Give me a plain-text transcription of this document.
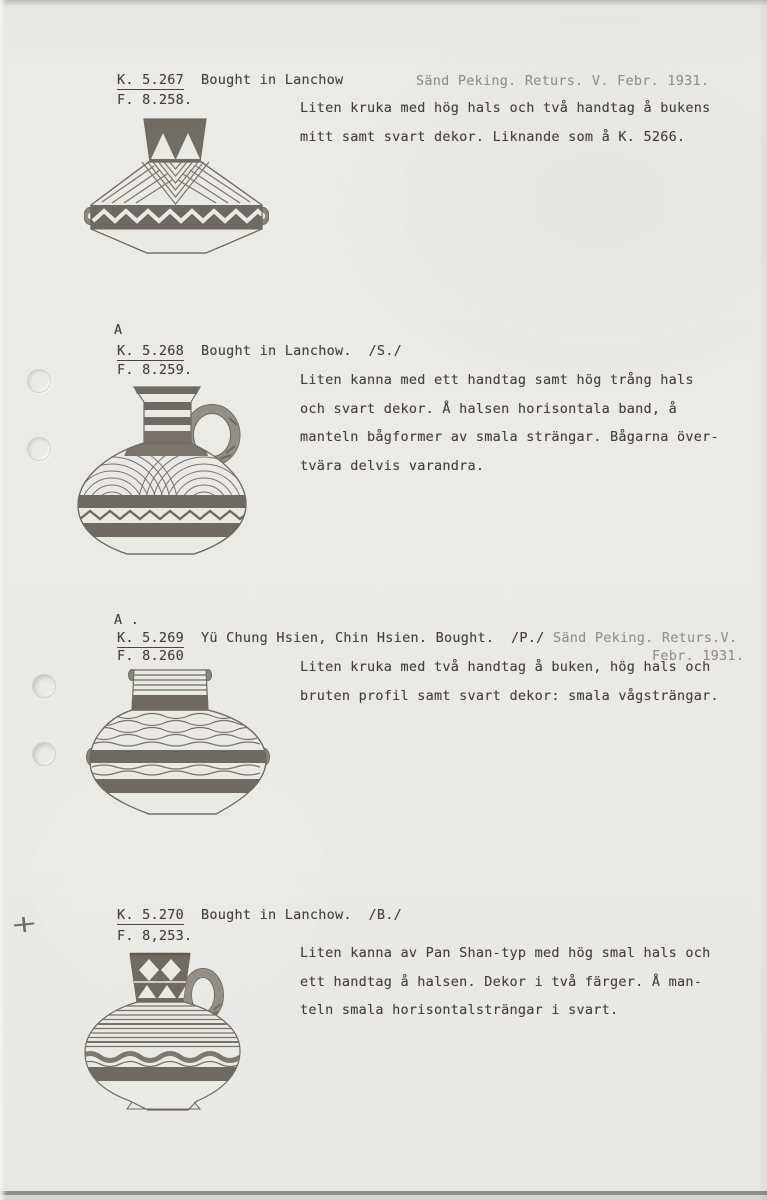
+
K. 5.267 Bought in Lanchow	Sänd Peking. Returs. V. Febr. 1931.
F. 8.258.	Liten kruka med hög hals och två handtag å bukens
mitt samt svart dekor. Liknande som å K. 5266.
A
K. 5.268 Bought in Lanchow.  /S./
F. 8.259.
Liten kanna med ett handtag samt hög trång hals
och svart dekor. Å halsen horisontala band, å
manteln bågformer av smala strängar. Bågarna över-
tvära delvis varandra.
A .
K. 5.269 Yü Chung Hsien, Chin Hsien. Bought.  /P./ Sänd Peking. Returs.V.
Febr. 1931.
F. 8.260
Liten kruka med två handtag å buken, hög hals och
bruten profil samt svart dekor: smala vågsträngar.
K. 5.270 Bought in Lanchow.  /B./
F. 8,253.
Liten kanna av Pan Shan-typ med hög smal hals och
ett handtag å halsen. Dekor i två färger. Å man-
teln smala horisontalsträngar i svart.
